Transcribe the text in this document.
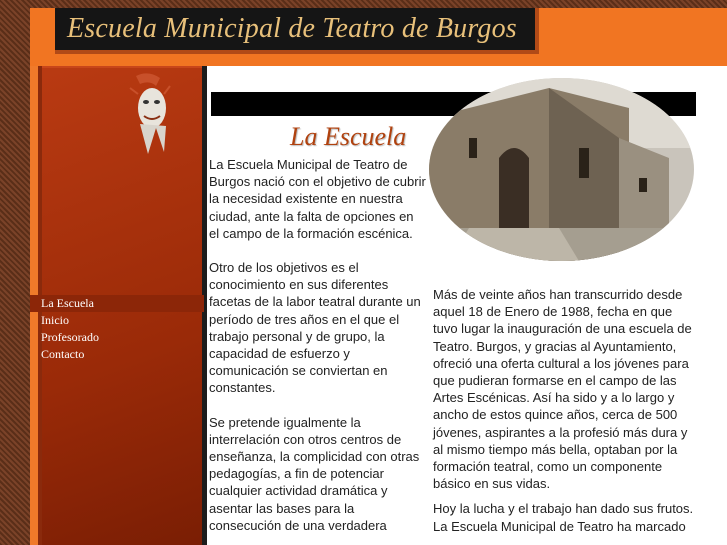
Escuela Municipal de Teatro de Burgos
La Escuela
Inicio
Profesorado
Contacto
La Escuela

La Escuela Municipal de Teatro de Burgos nació con el objetivo de cubrir la necesidad existente en nuestra ciudad, ante la falta de opciones en el campo de la formación escénica.

Otro de los objetivos es el conocimiento en sus diferentes facetas de la labor teatral durante un período de tres años en el que el trabajo personal y de grupo, la capacidad de esfuerzo y comunicación se conviertan en constantes.

Se pretende igualmente la interrelación con otros centros de enseñanza, la complicidad con otras pedagogías, a fin de potenciar cualquier actividad dramática y asentar las bases para la consecución de una verdadera

Más de veinte años han transcurrido desde aquel 18 de Enero de 1988, fecha en que tuvo lugar la inauguración de una escuela de Teatro. Burgos, y gracias al Ayuntamiento, ofreció una oferta cultural a los jóvenes para que pudieran formarse en el campo de las Artes Escénicas. Así ha sido y a lo largo y ancho de estos quince años, cerca de 500 jóvenes, aspirantes a la profesió más dura y al mismo tiempo más bella, optaban por la formación teatral, como un componente básico en sus vidas.

Hoy la lucha y el trabajo han dado sus frutos. La Escuela Municipal de Teatro ha marcado
